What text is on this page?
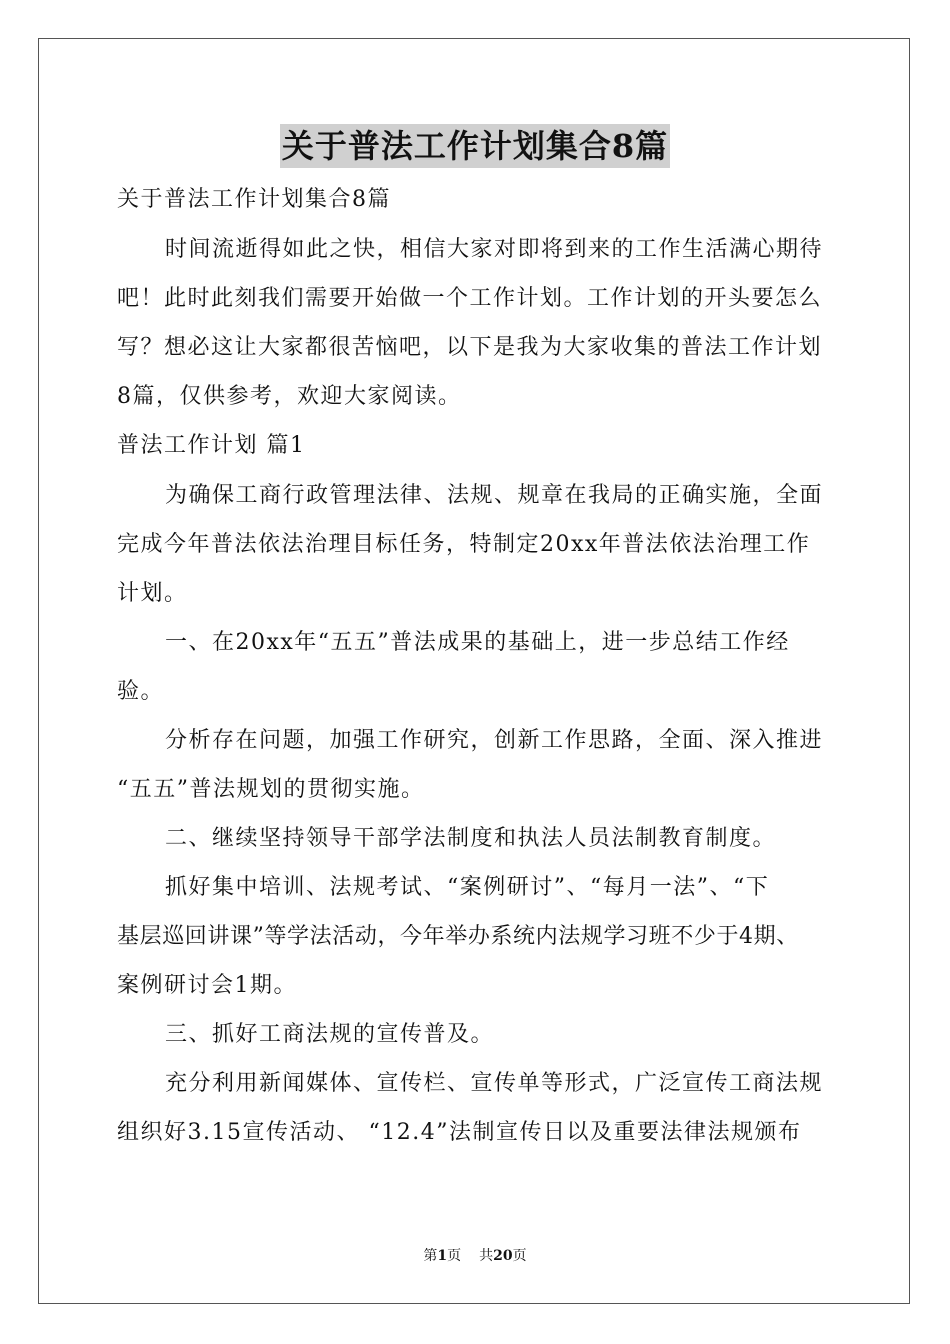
关于普法工作计划集合8篇
关于普法工作计划集合8篇
时间流逝得如此之快，相信大家对即将到来的工作生活满心期待
吧！此时此刻我们需要开始做一个工作计划。工作计划的开头要怎么
写？想必这让大家都很苦恼吧，以下是我为大家收集的普法工作计划
8篇，仅供参考，欢迎大家阅读。
普法工作计划 篇1
为确保工商行政管理法律、法规、规章在我局的正确实施，全面
完成今年普法依法治理目标任务，特制定20xx年普法依法治理工作
计划。
一、在20xx年“五五”普法成果的基础上，进一步总结工作经
验。
分析存在问题，加强工作研究，创新工作思路，全面、深入推进
“五五”普法规划的贯彻实施。
二、继续坚持领导干部学法制度和执法人员法制教育制度。
抓好集中培训、法规考试、“案例研讨”、“每月一法”、“下
基层巡回讲课”等学法活动，今年举办系统内法规学习班不少于4期、
案例研讨会1期。
三、抓好工商法规的宣传普及。
充分利用新闻媒体、宣传栏、宣传单等形式，广泛宣传工商法规
组织好3.15宣传活动、 “12.4”法制宣传日以及重要法律法规颁布
第1页 共20页
